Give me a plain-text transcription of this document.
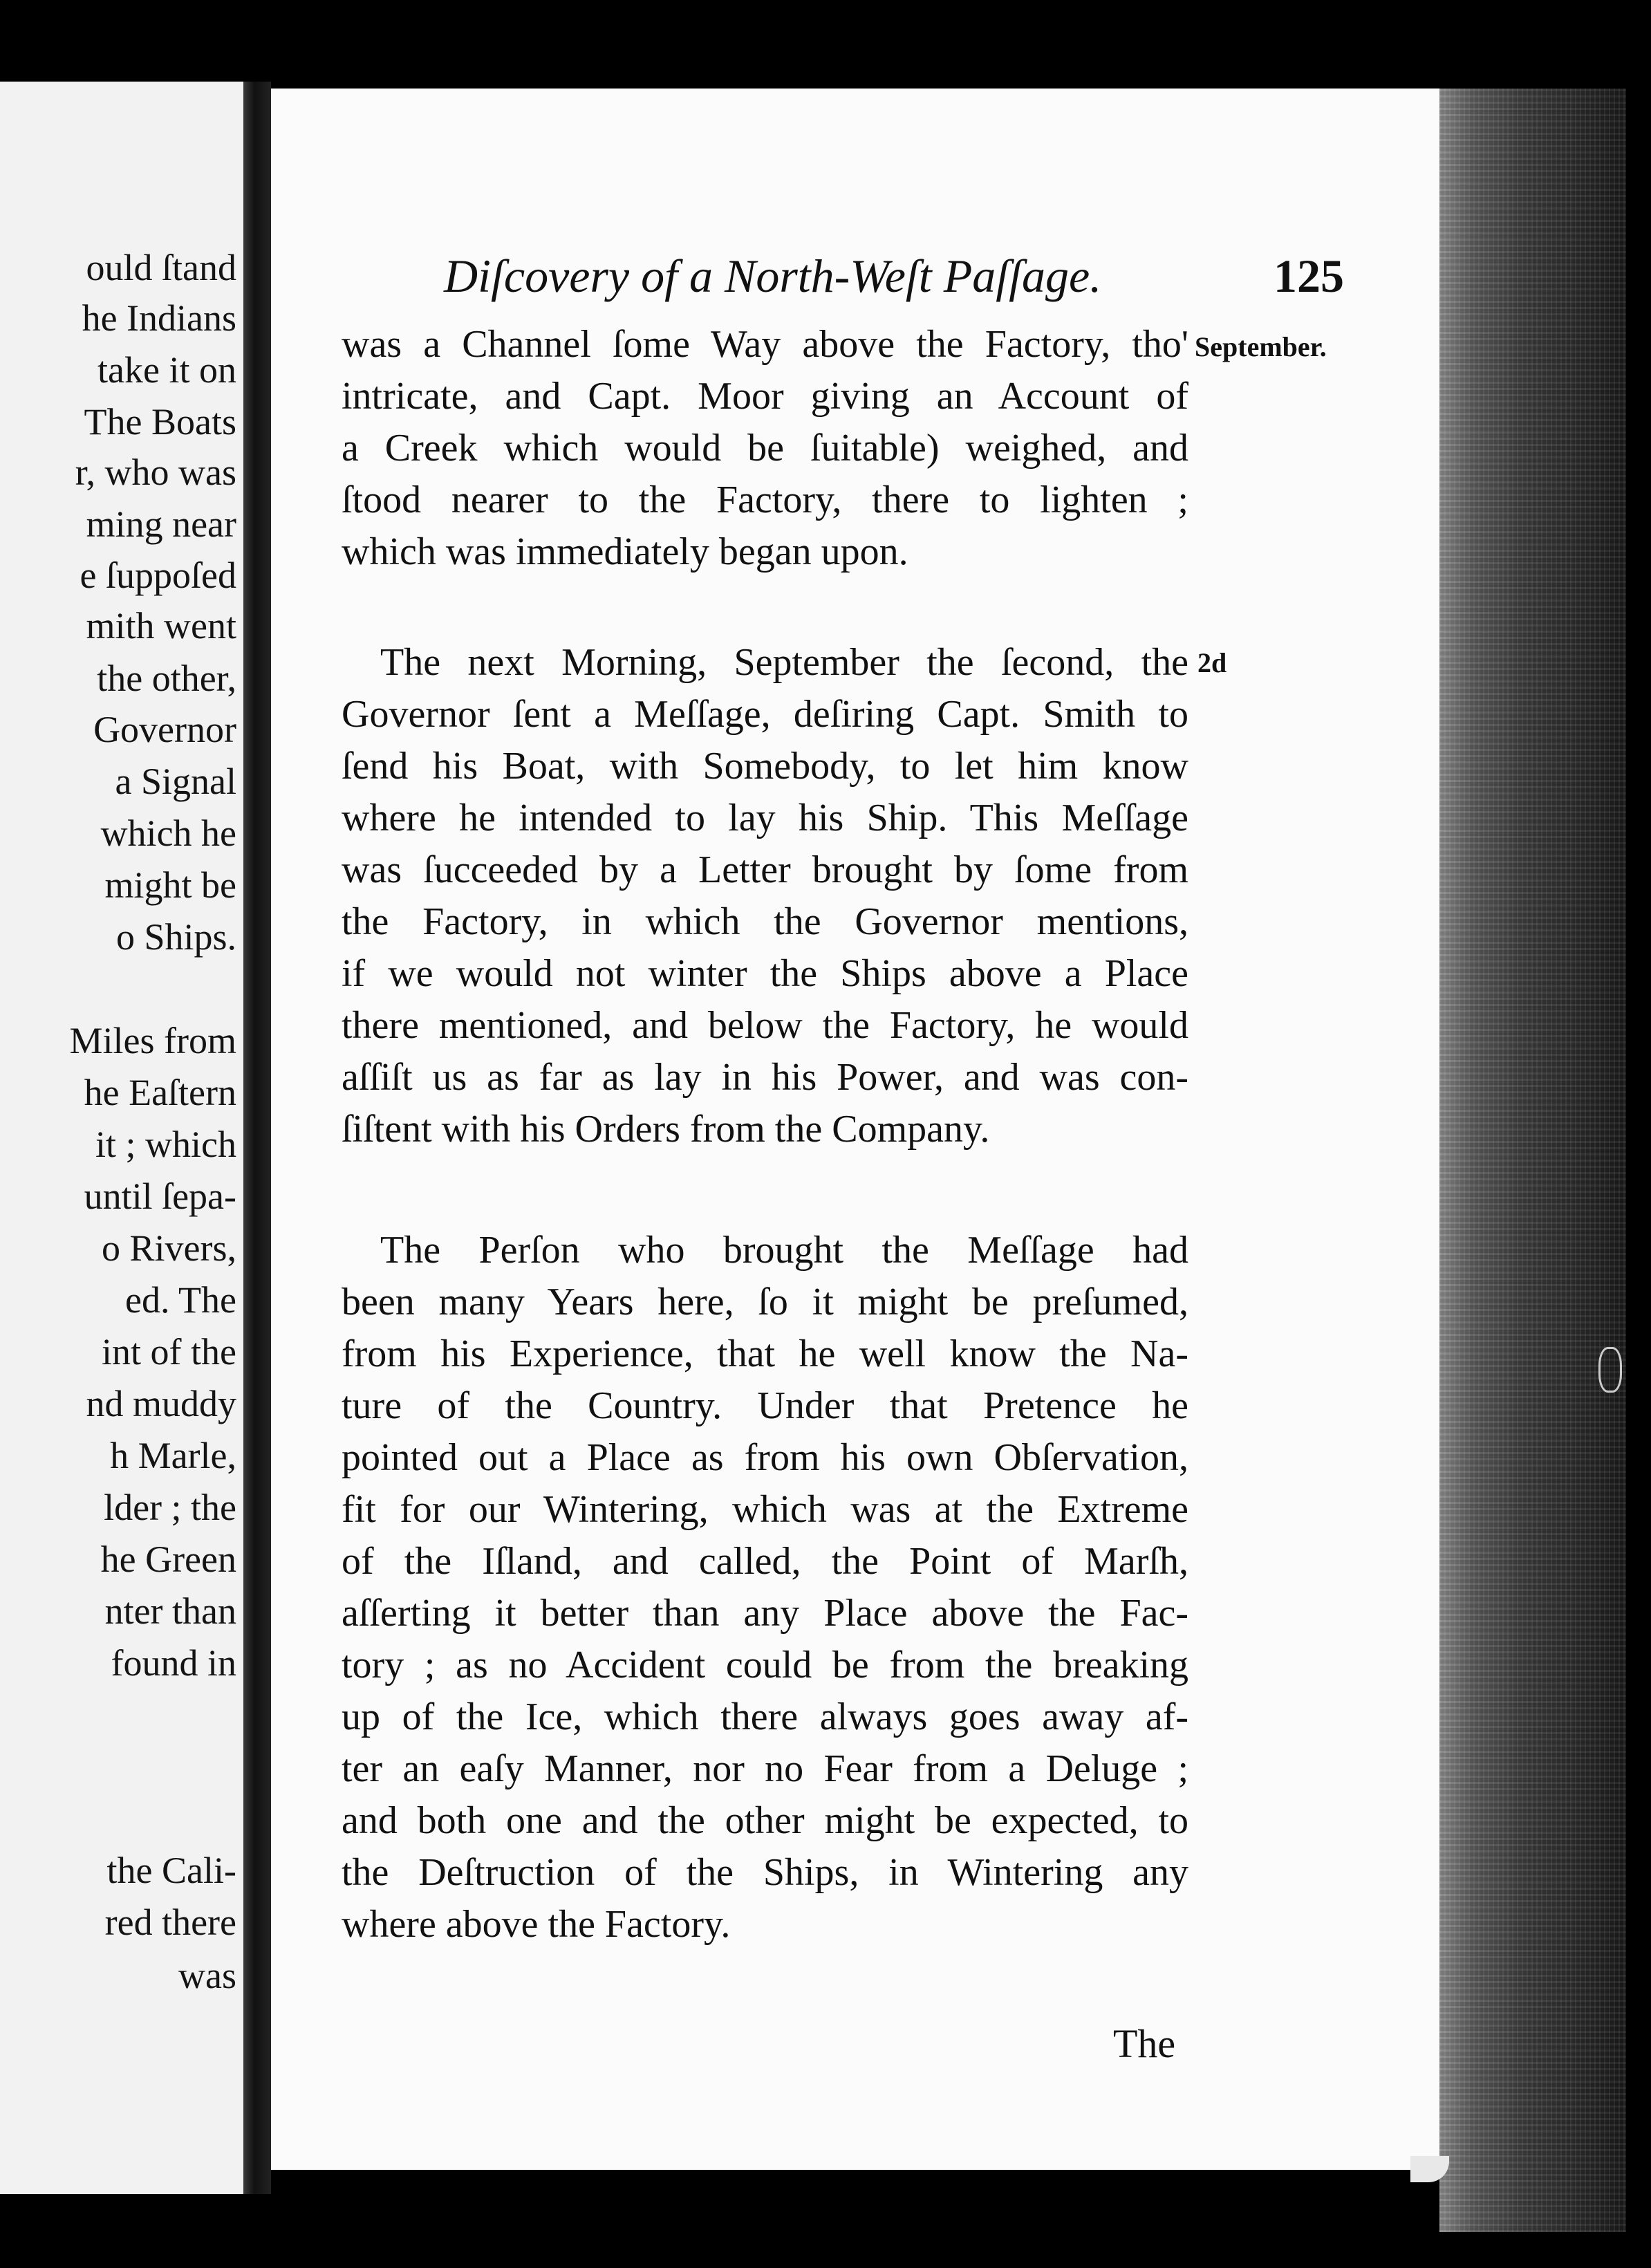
ould ſtand
he Indians
take it on
The Boats
r, who was
ming near
e ſuppoſed
mith went
the other,
Governor
a Signal
which he
might be
o Ships.
Miles from
he Eaſtern
it ; which
until ſepa-
o Rivers,
ed. The
int of the
nd muddy
h Marle,
lder ; the
he Green
nter than
found in
the Cali-
red there
was
Diſcovery of a North-Weſt Paſſage.	125
September.
2d
was a Channel ſome Way above the Factory, tho'
intricate, and Capt. Moor giving an Account of
a Creek which would be ſuitable) weighed, and
ſtood nearer to the Factory, there to lighten ;
which was immediately began upon.
The next Morning, September the ſecond, the
Governor ſent a Meſſage, deſiring Capt. Smith to
ſend his Boat, with Somebody, to let him know
where he intended to lay his Ship. This Meſſage
was ſucceeded by a Letter brought by ſome from
the Factory, in which the Governor mentions,
if we would not winter the Ships above a Place
there mentioned, and below the Factory, he would
aſſiſt us as far as lay in his Power, and was con-
ſiſtent with his Orders from the Company.
The Perſon who brought the Meſſage had
been many Years here, ſo it might be preſumed,
from his Experience, that he well know the Na-
ture of the Country. Under that Pretence he
pointed out a Place as from his own Obſervation,
fit for our Wintering, which was at the Extreme
of the Iſland, and called, the Point of Marſh,
aſſerting it better than any Place above the Fac-
tory ; as no Accident could be from the breaking
up of the Ice, which there always goes away af-
ter an eaſy Manner, nor no Fear from a Deluge ;
and both one and the other might be expected, to
the Deſtruction of the Ships, in Wintering any
where above the Factory.
The
